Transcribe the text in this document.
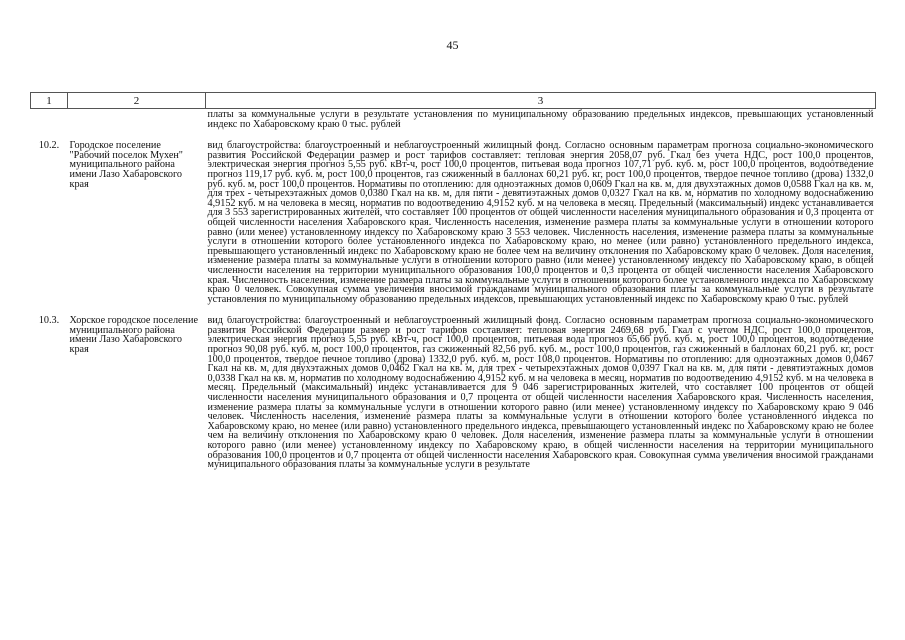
45
1	2	3
		платы за коммунальные услуги в результате установления по муниципальному образованию предельных индексов, превышающих установленный индекс по Хабаровскому краю 0 тыс. рублей
10.2.	Городское поселение "Рабочий поселок Мухен" муниципального района имени Лазо Хабаровского края	вид благоустройства: благоустроенный и неблагоустроенный жилищный фонд. Согласно основным параметрам прогноза социально-экономического развития Российской Федерации размер и рост тарифов составляет: тепловая энергия 2058,07 руб. Гкал без учета НДС, рост 100,0 процентов, электрическая энергия прогноз 5,55 руб. кВт-ч, рост 100,0 процентов, питьевая вода прогноз 107,71 руб. куб. м, рост 100,0 процентов, водоотведение прогноз 119,17 руб. куб. м, рост 100,0 процентов, газ сжиженный в баллонах 60,21 руб. кг, рост 100,0 процентов, твердое печное топливо (дрова) 1332,0 руб. куб. м, рост 100,0 процентов. Нормативы по отоплению: для одноэтажных домов 0,0609 Гкал на кв. м, для двухэтажных домов 0,0588 Гкал на кв. м, для трех - четырехэтажных домов 0,0380 Гкал на кв. м, для пяти - девятиэтажных домов 0,0327 Гкал на кв. м, норматив по холодному водоснабжению 4,9152 куб. м на человека в месяц, норматив по водоотведению 4,9152 куб. м на человека в месяц. Предельный (максимальный) индекс устанавливается для 3 553 зарегистрированных жителей, что составляет 100 процентов от общей численности населения муниципального образования и 0,3 процента от общей численности населения Хабаровского края. Численность населения, изменение размера платы за коммунальные услуги в отношении которого равно (или менее) установленному индексу по Хабаровскому краю 3 553 человек. Численность населения, изменение размера платы за коммунальные услуги в отношении которого более установленного индекса по Хабаровскому краю, но менее (или равно) установленного предельного индекса, превышающего установленный индекс по Хабаровскому краю не более чем на величину отклонения по Хабаровскому краю 0 человек. Доля населения, изменение размера платы за коммунальные услуги в отношении которого равно (или менее) установленному индексу по Хабаровскому краю, в общей численности населения на территории муниципального образования 100,0 процентов и 0,3 процента от общей численности населения Хабаровского края. Численность населения, изменение размера платы за коммунальные услуги в отношении которого более установленного индекса по Хабаровскому краю 0 человек. Совокупная сумма увеличения вносимой гражданами муниципального образования платы за коммунальные услуги в результате установления по муниципальному образованию предельных индексов, превышающих установленный индекс по Хабаровскому краю 0 тыс. рублей
10.3.	Хорское городское поселение муниципального района имени Лазо Хабаровского края	вид благоустройства: благоустроенный и неблагоустроенный жилищный фонд. Согласно основным параметрам прогноза социально-экономического развития Российской Федерации размер и рост тарифов составляет: тепловая энергия 2469,68 руб. Гкал с учетом НДС, рост 100,0 процентов, электрическая энергия прогноз 5,55 руб. кВт-ч, рост 100,0 процентов, питьевая вода прогноз 65,66 руб. куб. м, рост 100,0 процентов, водоотведение прогноз 90,08 руб. куб. м, рост 100,0 процентов, газ сжиженный 82,56 руб. куб. м., рост 100,0 процентов, газ сжиженный в баллонах 60,21 руб. кг, рост 100,0 процентов, твердое печное топливо (дрова) 1332,0 руб. куб. м, рост 108,0 процентов. Нормативы по отоплению: для одноэтажных домов 0,0467 Гкал на кв. м, для двухэтажных домов 0,0462 Гкал на кв. м, для трех - четырехэтажных домов 0,0397 Гкал на кв. м, для пяти - девятиэтажных домов 0,0338 Гкал на кв. м, норматив по холодному водоснабжению 4,9152 куб. м на человека в месяц, норматив по водоотведению 4,9152 куб. м на человека в месяц. Предельный (максимальный) индекс устанавливается для 9 046 зарегистрированных жителей, что составляет 100 процентов от общей численности населения муниципального образования и 0,7 процента от общей численности населения Хабаровского края. Численность населения, изменение размера платы за коммунальные услуги в отношении которого равно (или менее) установленному индексу по Хабаровскому краю 9 046 человек. Численность населения, изменение размера платы за коммунальные услуги в отношении которого более установленного индекса по Хабаровскому краю, но менее (или равно) установленного предельного индекса, превышающего установленный индекс по Хабаровскому краю не более чем на величину отклонения по Хабаровскому краю 0 человек. Доля населения, изменение размера платы за коммунальные услуги в отношении которого равно (или менее) установленному индексу по Хабаровскому краю, в общей численности населения на территории муниципального образования 100,0 процентов и 0,7 процента от общей численности населения Хабаровского края. Совокупная сумма увеличения вносимой гражданами муниципального образования платы за коммунальные услуги в результате
